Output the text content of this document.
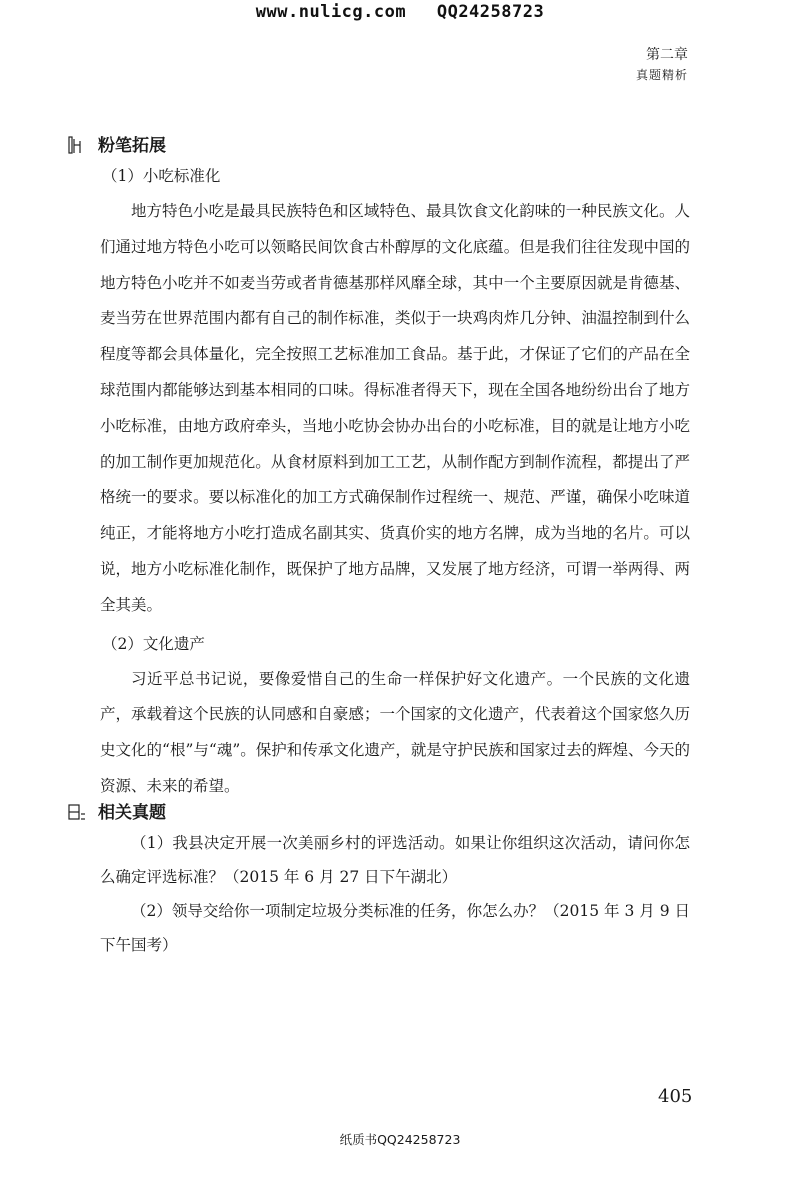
www.nulicg.com QQ24258723
第二章
真题精析
粉笔拓展
（1）小吃标准化

地方特色小吃是最具民族特色和区域特色、最具饮食文化韵味的一种民族文化。人们通过地方特色小吃可以领略民间饮食古朴醇厚的文化底蕴。但是我们往往发现中国的地方特色小吃并不如麦当劳或者肯德基那样风靡全球，其中一个主要原因就是肯德基、麦当劳在世界范围内都有自己的制作标准，类似于一块鸡肉炸几分钟、油温控制到什么程度等都会具体量化，完全按照工艺标准加工食品。基于此，才保证了它们的产品在全球范围内都能够达到基本相同的口味。得标准者得天下，现在全国各地纷纷出台了地方小吃标准，由地方政府牵头，当地小吃协会协办出台的小吃标准，目的就是让地方小吃的加工制作更加规范化。从食材原料到加工工艺，从制作配方到制作流程，都提出了严格统一的要求。要以标准化的加工方式确保制作过程统一、规范、严谨，确保小吃味道纯正，才能将地方小吃打造成名副其实、货真价实的地方名牌，成为当地的名片。可以说，地方小吃标准化制作，既保护了地方品牌，又发展了地方经济，可谓一举两得、两全其美。

（2）文化遗产

习近平总书记说，要像爱惜自己的生命一样保护好文化遗产。一个民族的文化遗产，承载着这个民族的认同感和自豪感；一个国家的文化遗产，代表着这个国家悠久历史文化的“根”与“魂”。保护和传承文化遗产，就是守护民族和国家过去的辉煌、今天的资源、未来的希望。

相关真题

（1）我县决定开展一次美丽乡村的评选活动。如果让你组织这次活动，请问你怎么确定评选标准？（2015 年 6 月 27 日下午湖北）

（2）领导交给你一项制定垃圾分类标准的任务，你怎么办？（2015 年 3 月 9 日下午国考）

405
纸质书QQ24258723
